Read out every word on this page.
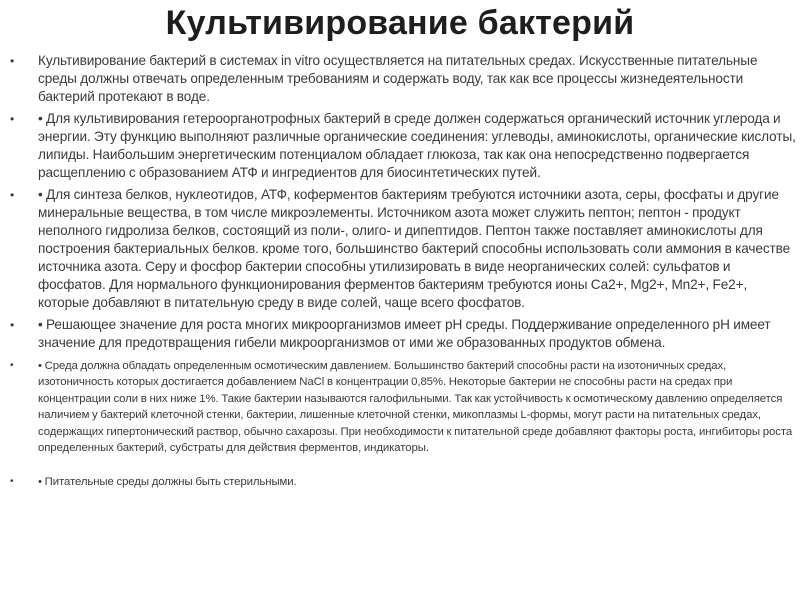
Культивирование бактерий
• Культивирование бактерий в системах in vitro осуществляется на питательных средах. Искусственные питательные среды должны отвечать определенным требованиям и содержать воду, так как все процессы жизнедеятельности бактерий протекают в воде.
• • Для культивирования гетероорганотрофных бактерий в среде должен содержаться органический источник углерода и энергии. Эту функцию выполняют различные органические соединения: углеводы, аминокислоты, органические кислоты, липиды. Наибольшим энергетическим потенциалом обладает глюкоза, так как она непосредственно подвергается расщеплению с образованием АТФ и ингредиентов для биосинтетических путей.
• • Для синтеза белков, нуклеотидов, АТФ, коферментов бактериям требуются источники азота, серы, фосфаты и другие минеральные вещества, в том числе микроэлементы. Источником азота может служить пептон; пептон - продукт неполного гидролиза белков, состоящий из поли-, олиго- и дипептидов. Пептон также поставляет аминокислоты для построения бактериальных белков. кроме того, большинство бактерий способны использовать соли аммония в качестве источника азота. Серу и фосфор бактерии способны утилизировать в виде неорганических солей: сульфатов и фосфатов. Для нормального функционирования ферментов бактериям требуются ионы Са2+, Mg2+, Mn2+, Fe2+, которые добавляют в питательную среду в виде солей, чаще всего фосфатов.
• • Решающее значение для роста многих микроорганизмов имеет рН среды. Поддерживание определенного рН имеет значение для предотвращения гибели микроорганизмов от ими же образованных продуктов обмена.
• • Среда должна обладать определенным осмотическим давлением. Большинство бактерий способны расти на изотоничных средах, изотоничность которых достигается добавлением NaCl в концентрации 0,85%. Некоторые бактерии не способны расти на средах при концентрации соли в них ниже 1%. Такие бактерии называются галофильными. Так как устойчивость к осмотическому давлению определяется наличием у бактерий клеточной стенки, бактерии, лишенные клеточной стенки, микоплазмы L-формы, могут расти на питательных средах, содержащих гипертонический раствор, обычно сахарозы. При необходимости к питательной среде добавляют факторы роста, ингибиторы роста определенных бактерий, субстраты для действия ферментов, индикаторы.
• • Питательные среды должны быть стерильными.
